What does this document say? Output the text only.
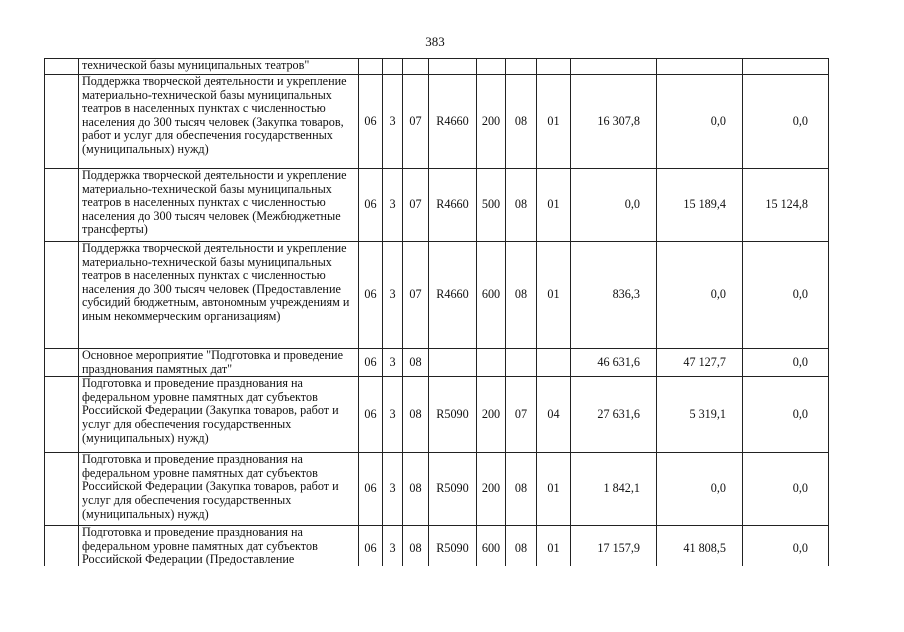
383
	технической базы муниципальных театров"										
	Поддержка творческой деятельности и укрепление материально-технической базы муниципальных театров в населенных пунктах с численностью населения до 300 тысяч человек (Закупка товаров, работ и услуг для обеспечения государственных (муниципальных) нужд)	06	3	07	R4660	200	08	01	16 307,8	0,0	0,0
	Поддержка творческой деятельности и укрепление материально-технической базы муниципальных театров в населенных пунктах с численностью населения до 300 тысяч человек (Межбюджетные трансферты)	06	3	07	R4660	500	08	01	0,0	15 189,4	15 124,8
	Поддержка творческой деятельности и укрепление материально-технической базы муниципальных театров в населенных пунктах с численностью населения до 300 тысяч человек (Предоставление субсидий бюджетным, автономным учреждениям и иным некоммерческим организациям)	06	3	07	R4660	600	08	01	836,3	0,0	0,0
	Основное мероприятие "Подготовка и проведение празднования памятных дат"	06	3	08					46 631,6	47 127,7	0,0
	Подготовка и проведение празднования на федеральном уровне памятных дат субъектов Российской Федерации (Закупка товаров, работ и услуг для обеспечения государственных (муниципальных) нужд)	06	3	08	R5090	200	07	04	27 631,6	5 319,1	0,0
	Подготовка и проведение празднования на федеральном уровне памятных дат субъектов Российской Федерации (Закупка товаров, работ и услуг для обеспечения государственных (муниципальных) нужд)	06	3	08	R5090	200	08	01	1 842,1	0,0	0,0
	Подготовка и проведение празднования на федеральном уровне памятных дат субъектов Российской Федерации (Предоставление	06	3	08	R5090	600	08	01	17 157,9	41 808,5	0,0
